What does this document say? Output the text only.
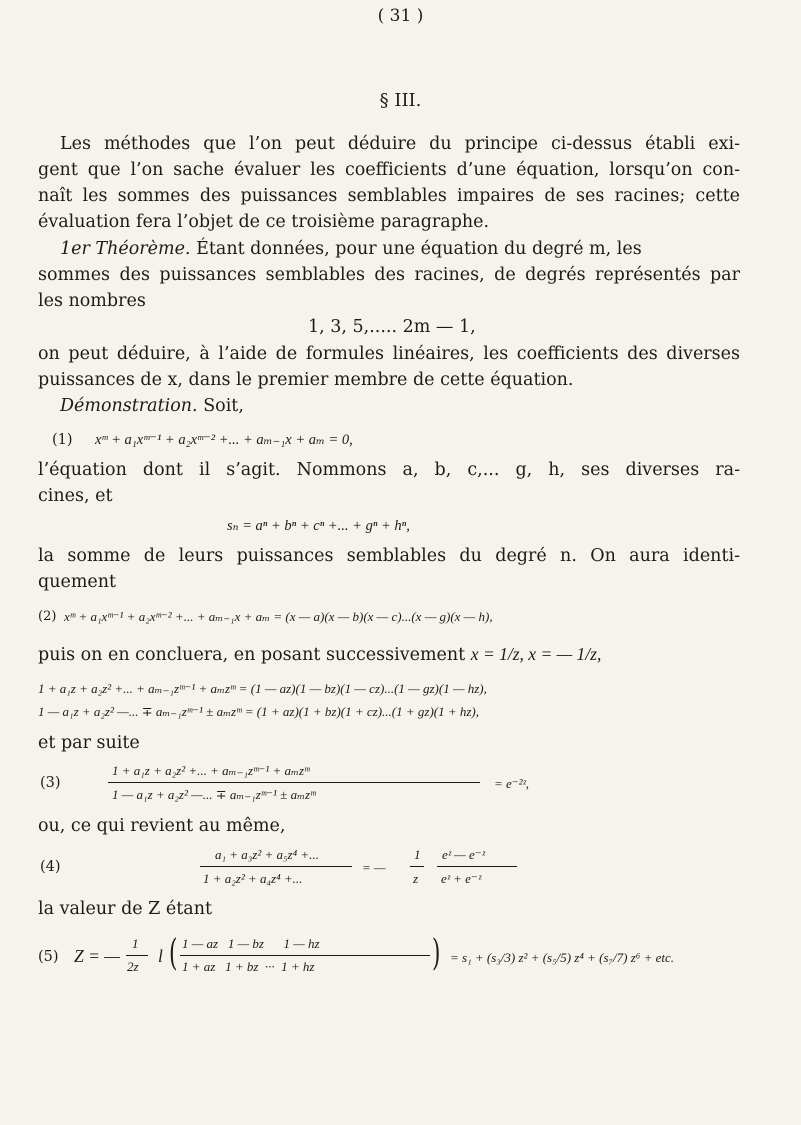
( 31 )
§ III.
Les méthodes que l’on peut déduire du principe ci-dessus établi exi-
gent que l’on sache évaluer les coefficients d’une équation, lorsqu’on con-
naît les sommes des puissances semblables impaires de ses racines; cette
évaluation fera l’objet de ce troisième paragraphe.
1er Théorème. Étant données, pour une équation du degré m, les
sommes des puissances semblables des racines, de degrés représentés par
les nombres
1, 3, 5,..... 2m — 1,
on peut déduire, à l’aide de formules linéaires, les coefficients des diverses
puissances de x, dans le premier membre de cette équation.
Démonstration. Soit,
(1) xᵐ + a₁xᵐ⁻¹ + a₂xᵐ⁻² +... + aₘ₋₁x + aₘ = 0,
l’équation dont il s’agit. Nommons a, b, c,... g, h, ses diverses ra-
cines, et
sₙ = aⁿ + bⁿ + cⁿ +... + gⁿ + hⁿ,
la somme de leurs puissances semblables du degré n. On aura identi-
quement
(2) xᵐ + a₁xᵐ⁻¹ + a₂xᵐ⁻² +... + aₘ₋₁x + aₘ = (x — a)(x — b)(x — c)...(x — g)(x — h),
puis on en concluera, en posant successivement x = 1/z, x = — 1/z,
1 + a₁z + a₂z² +... + aₘ₋₁zᵐ⁻¹ + aₘzᵐ = (1 — az)(1 — bz)(1 — cz)...(1 — gz)(1 — hz),
1 — a₁z + a₂z² —... ∓ aₘ₋₁zᵐ⁻¹ ± aₘzᵐ = (1 + az)(1 + bz)(1 + cz)...(1 + gz)(1 + hz),
et par suite
(3)
1 + a₁z + a₂z² +... + aₘ₋₁zᵐ⁻¹ + aₘzᵐ
1 — a₁z + a₂z² —... ∓ aₘ₋₁zᵐ⁻¹ ± aₘzᵐ
= e⁻²ᶻ,
ou, ce qui revient au même,
(4)
a₁ + a₃z² + a₅z⁴ +...
1 + a₂z² + a₄z⁴ +...
= —
1
z
eᶻ — e⁻ᶻ
eᶻ + e⁻ᶻ
la valeur de Z étant
(5) Z = —
1
2z
l ( 1 — az   1 — bz      1 — hz
1 + az   1 + bz  ···  1 + hz	) = s₁ + (s₃/3) z² + (s₅/5) z⁴ + (s₇/7) z⁶ + etc.
